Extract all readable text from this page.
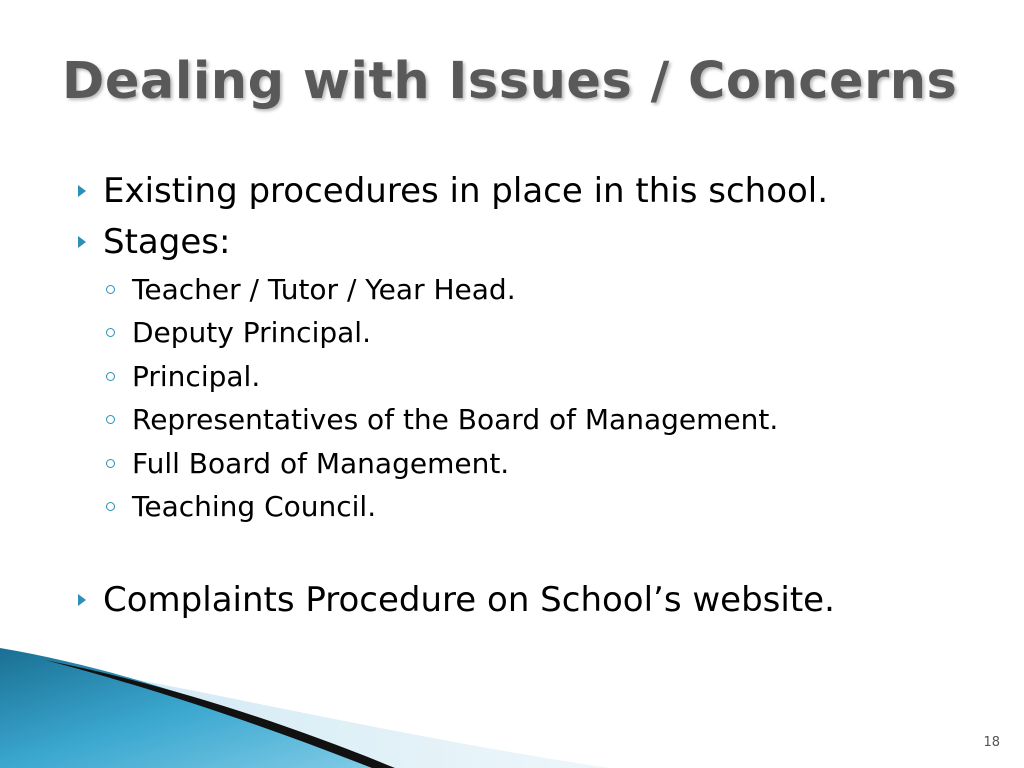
Dealing with Issues / Concerns
Existing procedures in place in this school.
Stages:
Teacher / Tutor / Year Head.
Deputy Principal.
Principal.
Representatives of the Board of Management.
Full Board of Management.
Teaching Council.
Complaints Procedure on School’s website.
18
